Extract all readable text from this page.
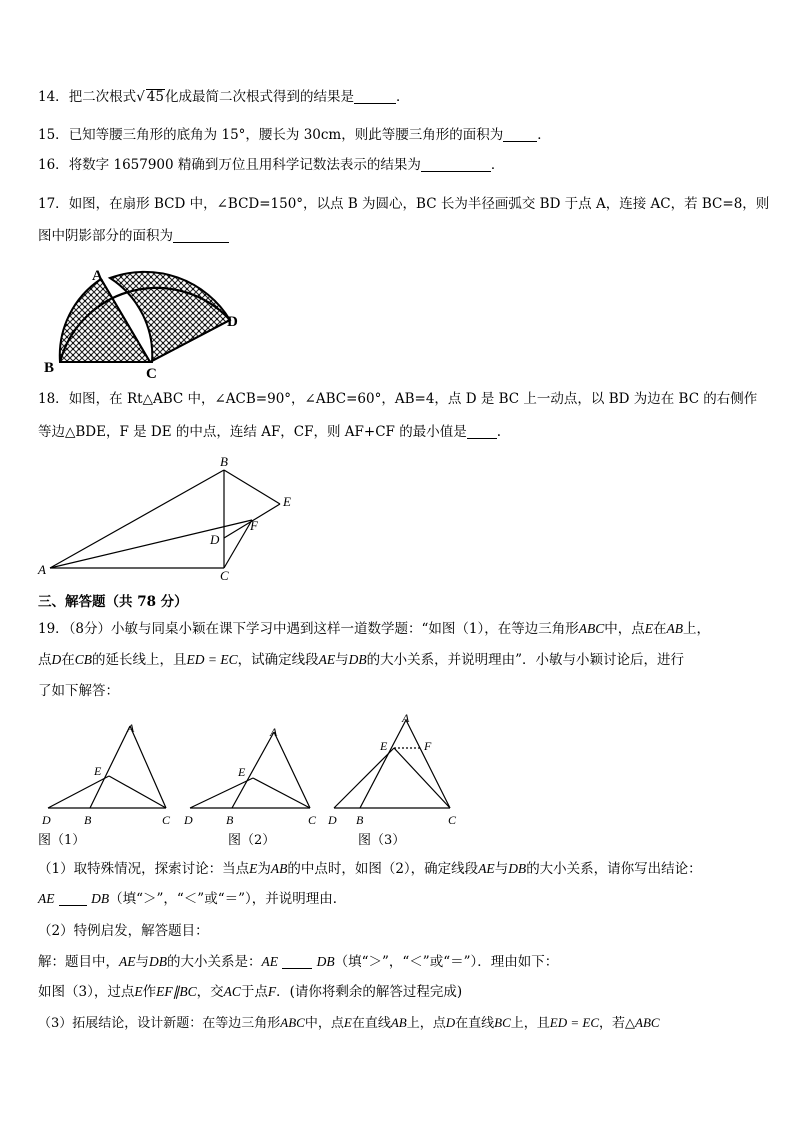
14．把二次根式√ 45化成最简二次根式得到的结果是	．
15．已知等腰三角形的底角为 15°，腰长为 30cm，则此等腰三角形的面积为	．
16．将数字 1657900 精确到万位且用科学记数法表示的结果为	．
17．如图，在扇形 BCD 中，∠BCD=150°，以点 B 为圆心，BC 长为半径画弧交 BD 于点 A，连接 AC，若 BC=8，则
图中阴影部分的面积为
A
B	C
D
18．如图，在 Rt△ABC 中，∠ACB=90°，∠ABC=60°，AB=4，点 D 是 BC 上一动点，以 BD 为边在 BC 的右侧作
等边△BDE，F 是 DE 的中点，连结 AF，CF，则 AF+CF 的最小值是 .
A
B
C
D
E
F
三、解答题（共 78 分）
19．（8分）小敏与同桌小颖在课下学习中遇到这样一道数学题：“如图（1），在等边三角形ABC中，点E在AB上，
点D在CB的延长线上，且ED = EC，试确定线段AE与DB的大小关系，并说明理由”．小敏与小颖讨论后，进行
了如下解答：
A
E
D	B	C
图（1）
A
E
D	B	C
图（2）
A
E	F
D B	C
图（3）
（1）取特殊情况，探索讨论：当点E为AB的中点时，如图（2），确定线段AE与DB的大小关系，请你写出结论：
AE	DB（填“＞”，“＜”或“＝”），并说明理由．
（2）特例启发，解答题目：
解：题目中，AE与DB的大小关系是：AE	DB（填“＞”，“＜”或“＝”）．理由如下：
如图（3），过点E作EF∥BC，交AC于点F．(请你将剩余的解答过程完成)
（3）拓展结论，设计新题：在等边三角形ABC中，点E在直线AB上，点D在直线BC上，且ED = EC，若△ABC
